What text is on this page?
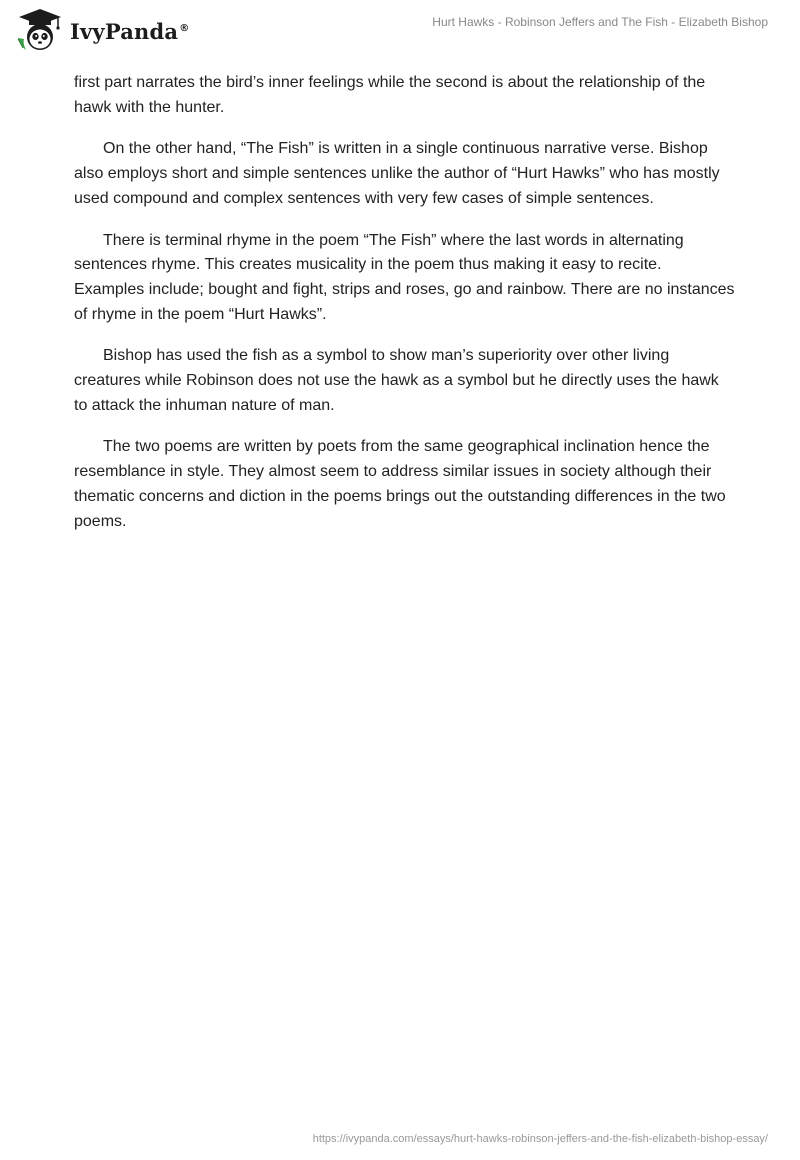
IvyPanda®	Hurt Hawks - Robinson Jeffers and The Fish - Elizabeth Bishop

first part narrates the bird’s inner feelings while the second is about the relationship of the hawk with the hunter.

On the other hand, “The Fish” is written in a single continuous narrative verse. Bishop also employs short and simple sentences unlike the author of “Hurt Hawks” who has mostly used compound and complex sentences with very few cases of simple sentences.

There is terminal rhyme in the poem “The Fish” where the last words in alternating sentences rhyme. This creates musicality in the poem thus making it easy to recite. Examples include; bought and fight, strips and roses, go and rainbow. There are no instances of rhyme in the poem “Hurt Hawks”.

Bishop has used the fish as a symbol to show man’s superiority over other living creatures while Robinson does not use the hawk as a symbol but he directly uses the hawk to attack the inhuman nature of man.

The two poems are written by poets from the same geographical inclination hence the resemblance in style. They almost seem to address similar issues in society although their thematic concerns and diction in the poems brings out the outstanding differences in the two poems.

https://ivypanda.com/essays/hurt-hawks-robinson-jeffers-and-the-fish-elizabeth-bishop-essay/
